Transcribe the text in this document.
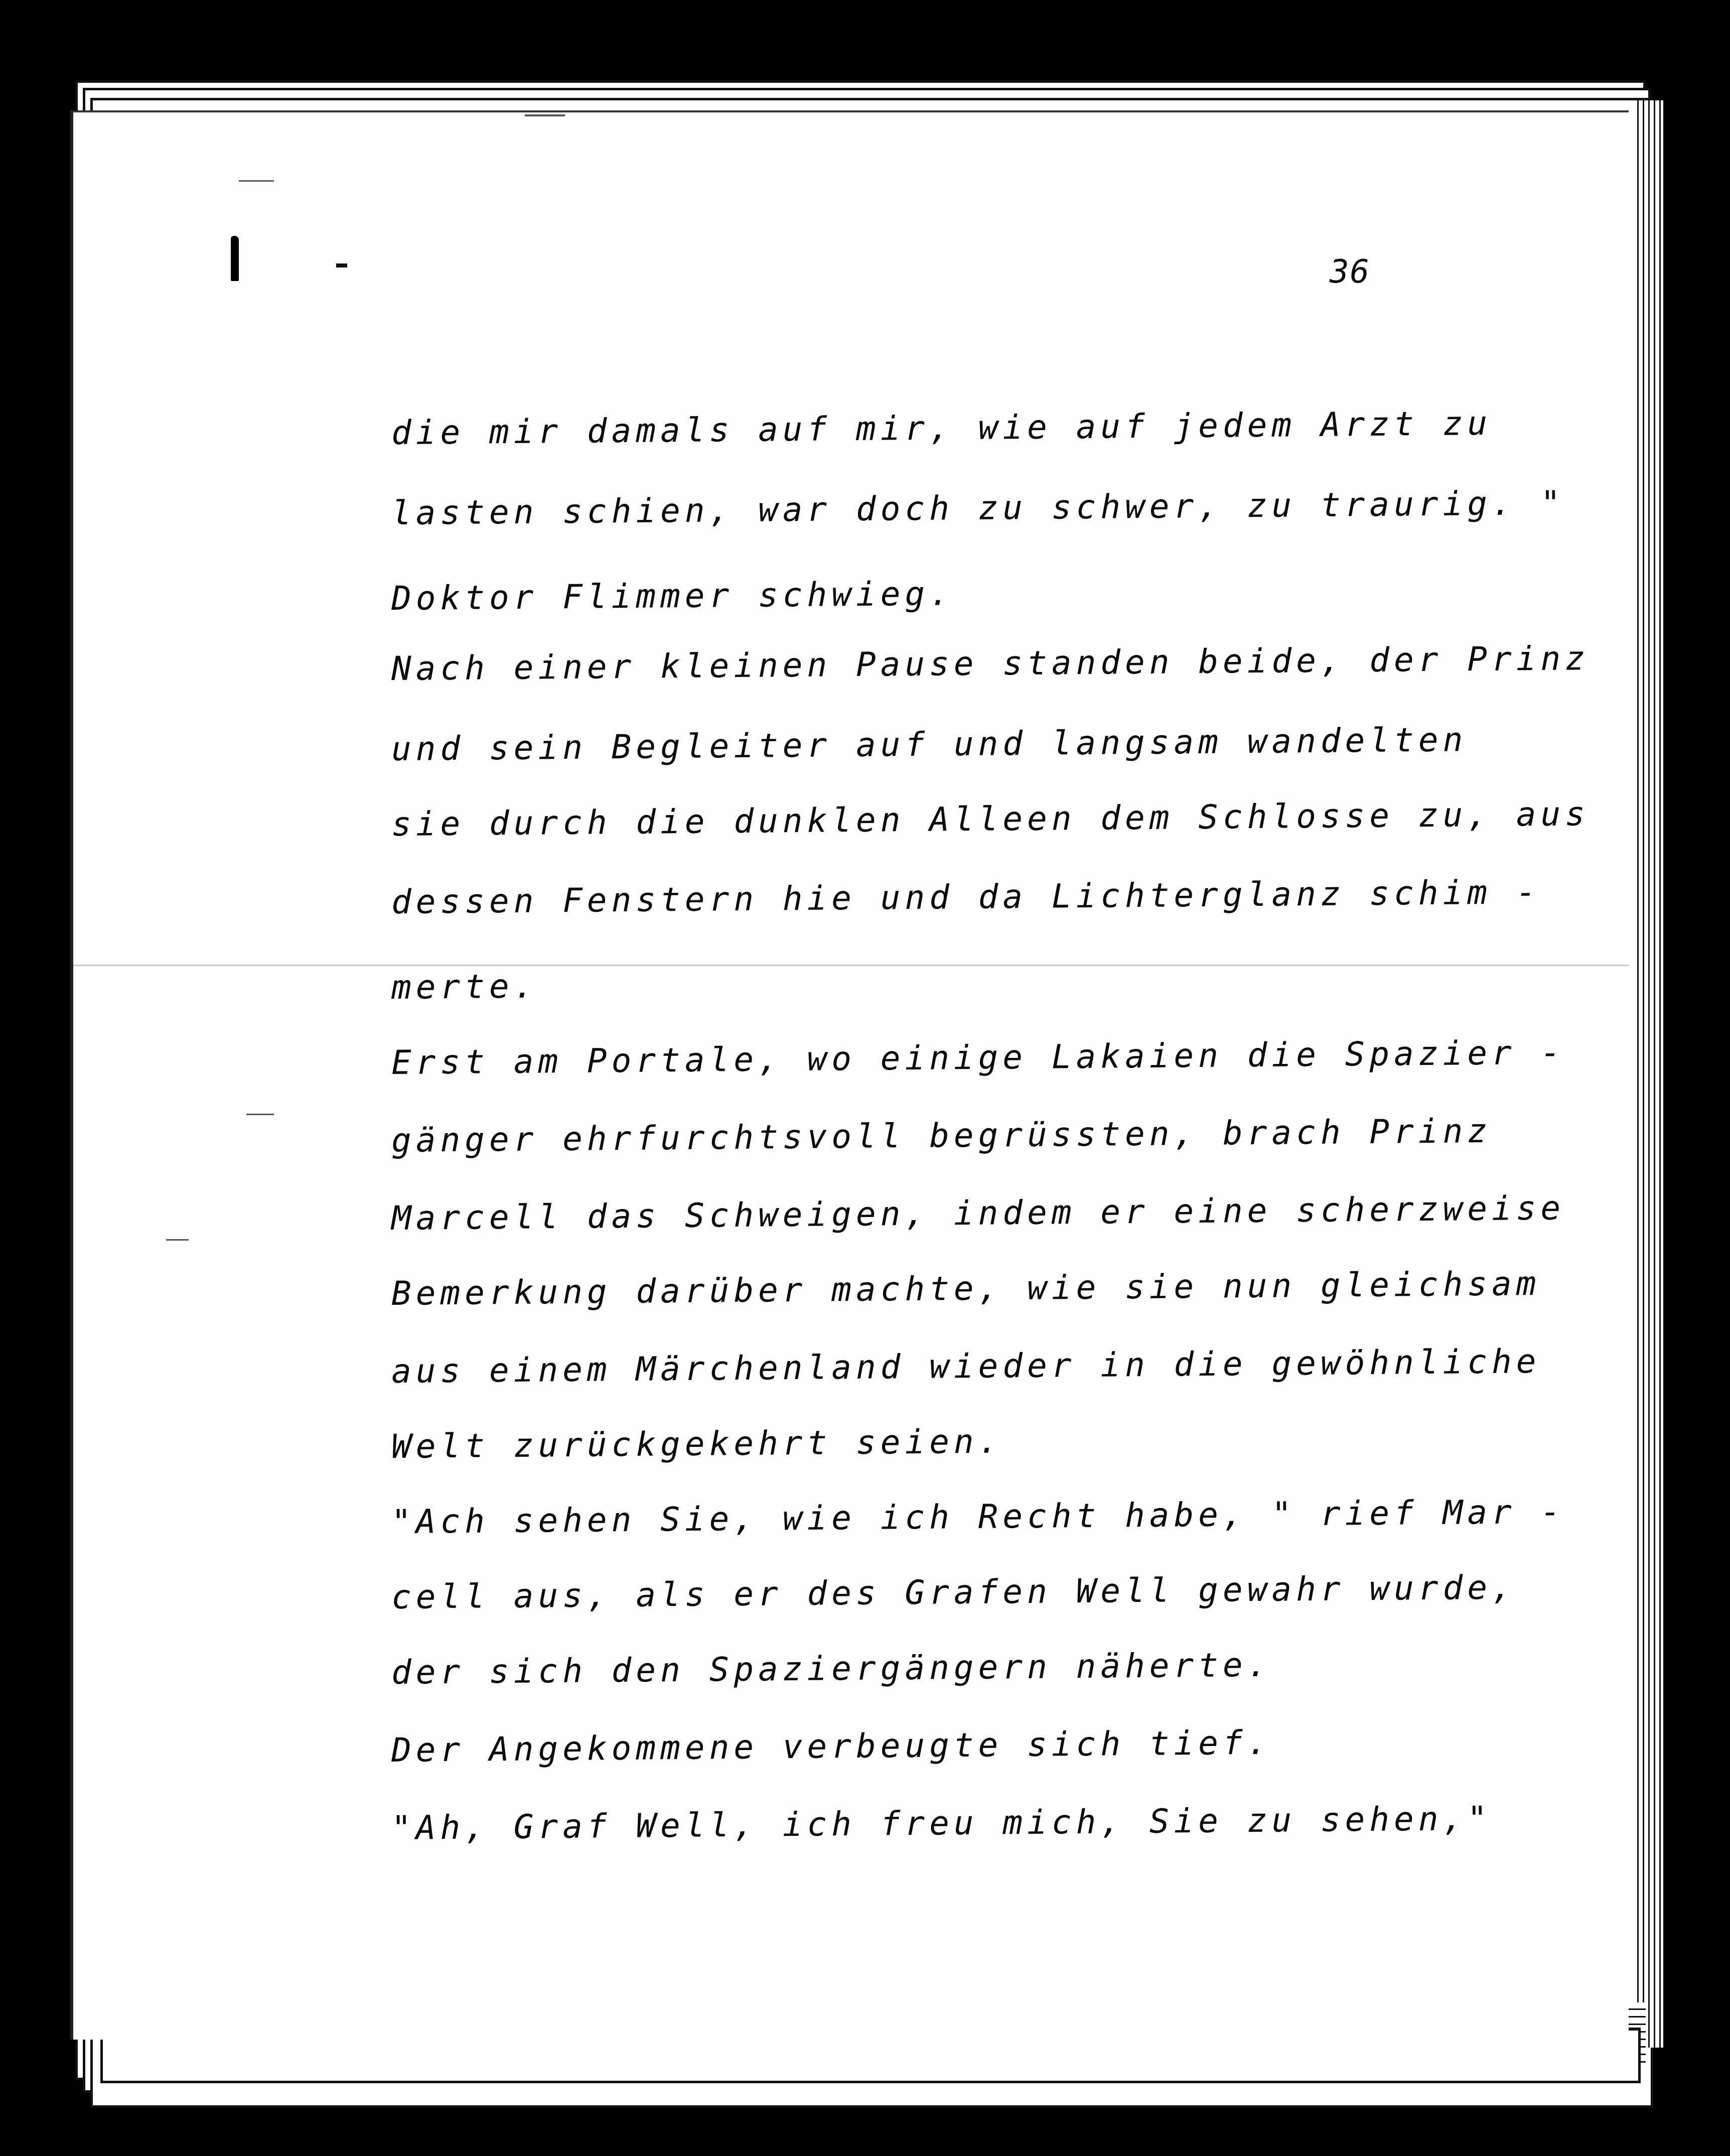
36
die mir damals auf mir, wie auf jedem Arzt zu
lasten schien, war doch zu schwer, zu traurig. "
Doktor Flimmer schwieg.
Nach einer kleinen Pause standen beide, der Prinz
und sein Begleiter auf und langsam wandelten
sie durch die dunklen Alleen dem Schlosse zu, aus
dessen Fenstern hie und da Lichterglanz schim -
merte.
Erst am Portale, wo einige Lakaien die Spazier -
gänger ehrfurchtsvoll begrüssten, brach Prinz
Marcell das Schweigen, indem er eine scherzweise
Bemerkung darüber machte, wie sie nun gleichsam
aus einem Märchenland wieder in die gewöhnliche
Welt zurückgekehrt seien.
"Ach sehen Sie, wie ich Recht habe, " rief Mar -
cell aus, als er des Grafen Well gewahr wurde,
der sich den Spaziergängern näherte.
Der Angekommene verbeugte sich tief.
"Ah, Graf Well, ich freu mich, Sie zu sehen,"
